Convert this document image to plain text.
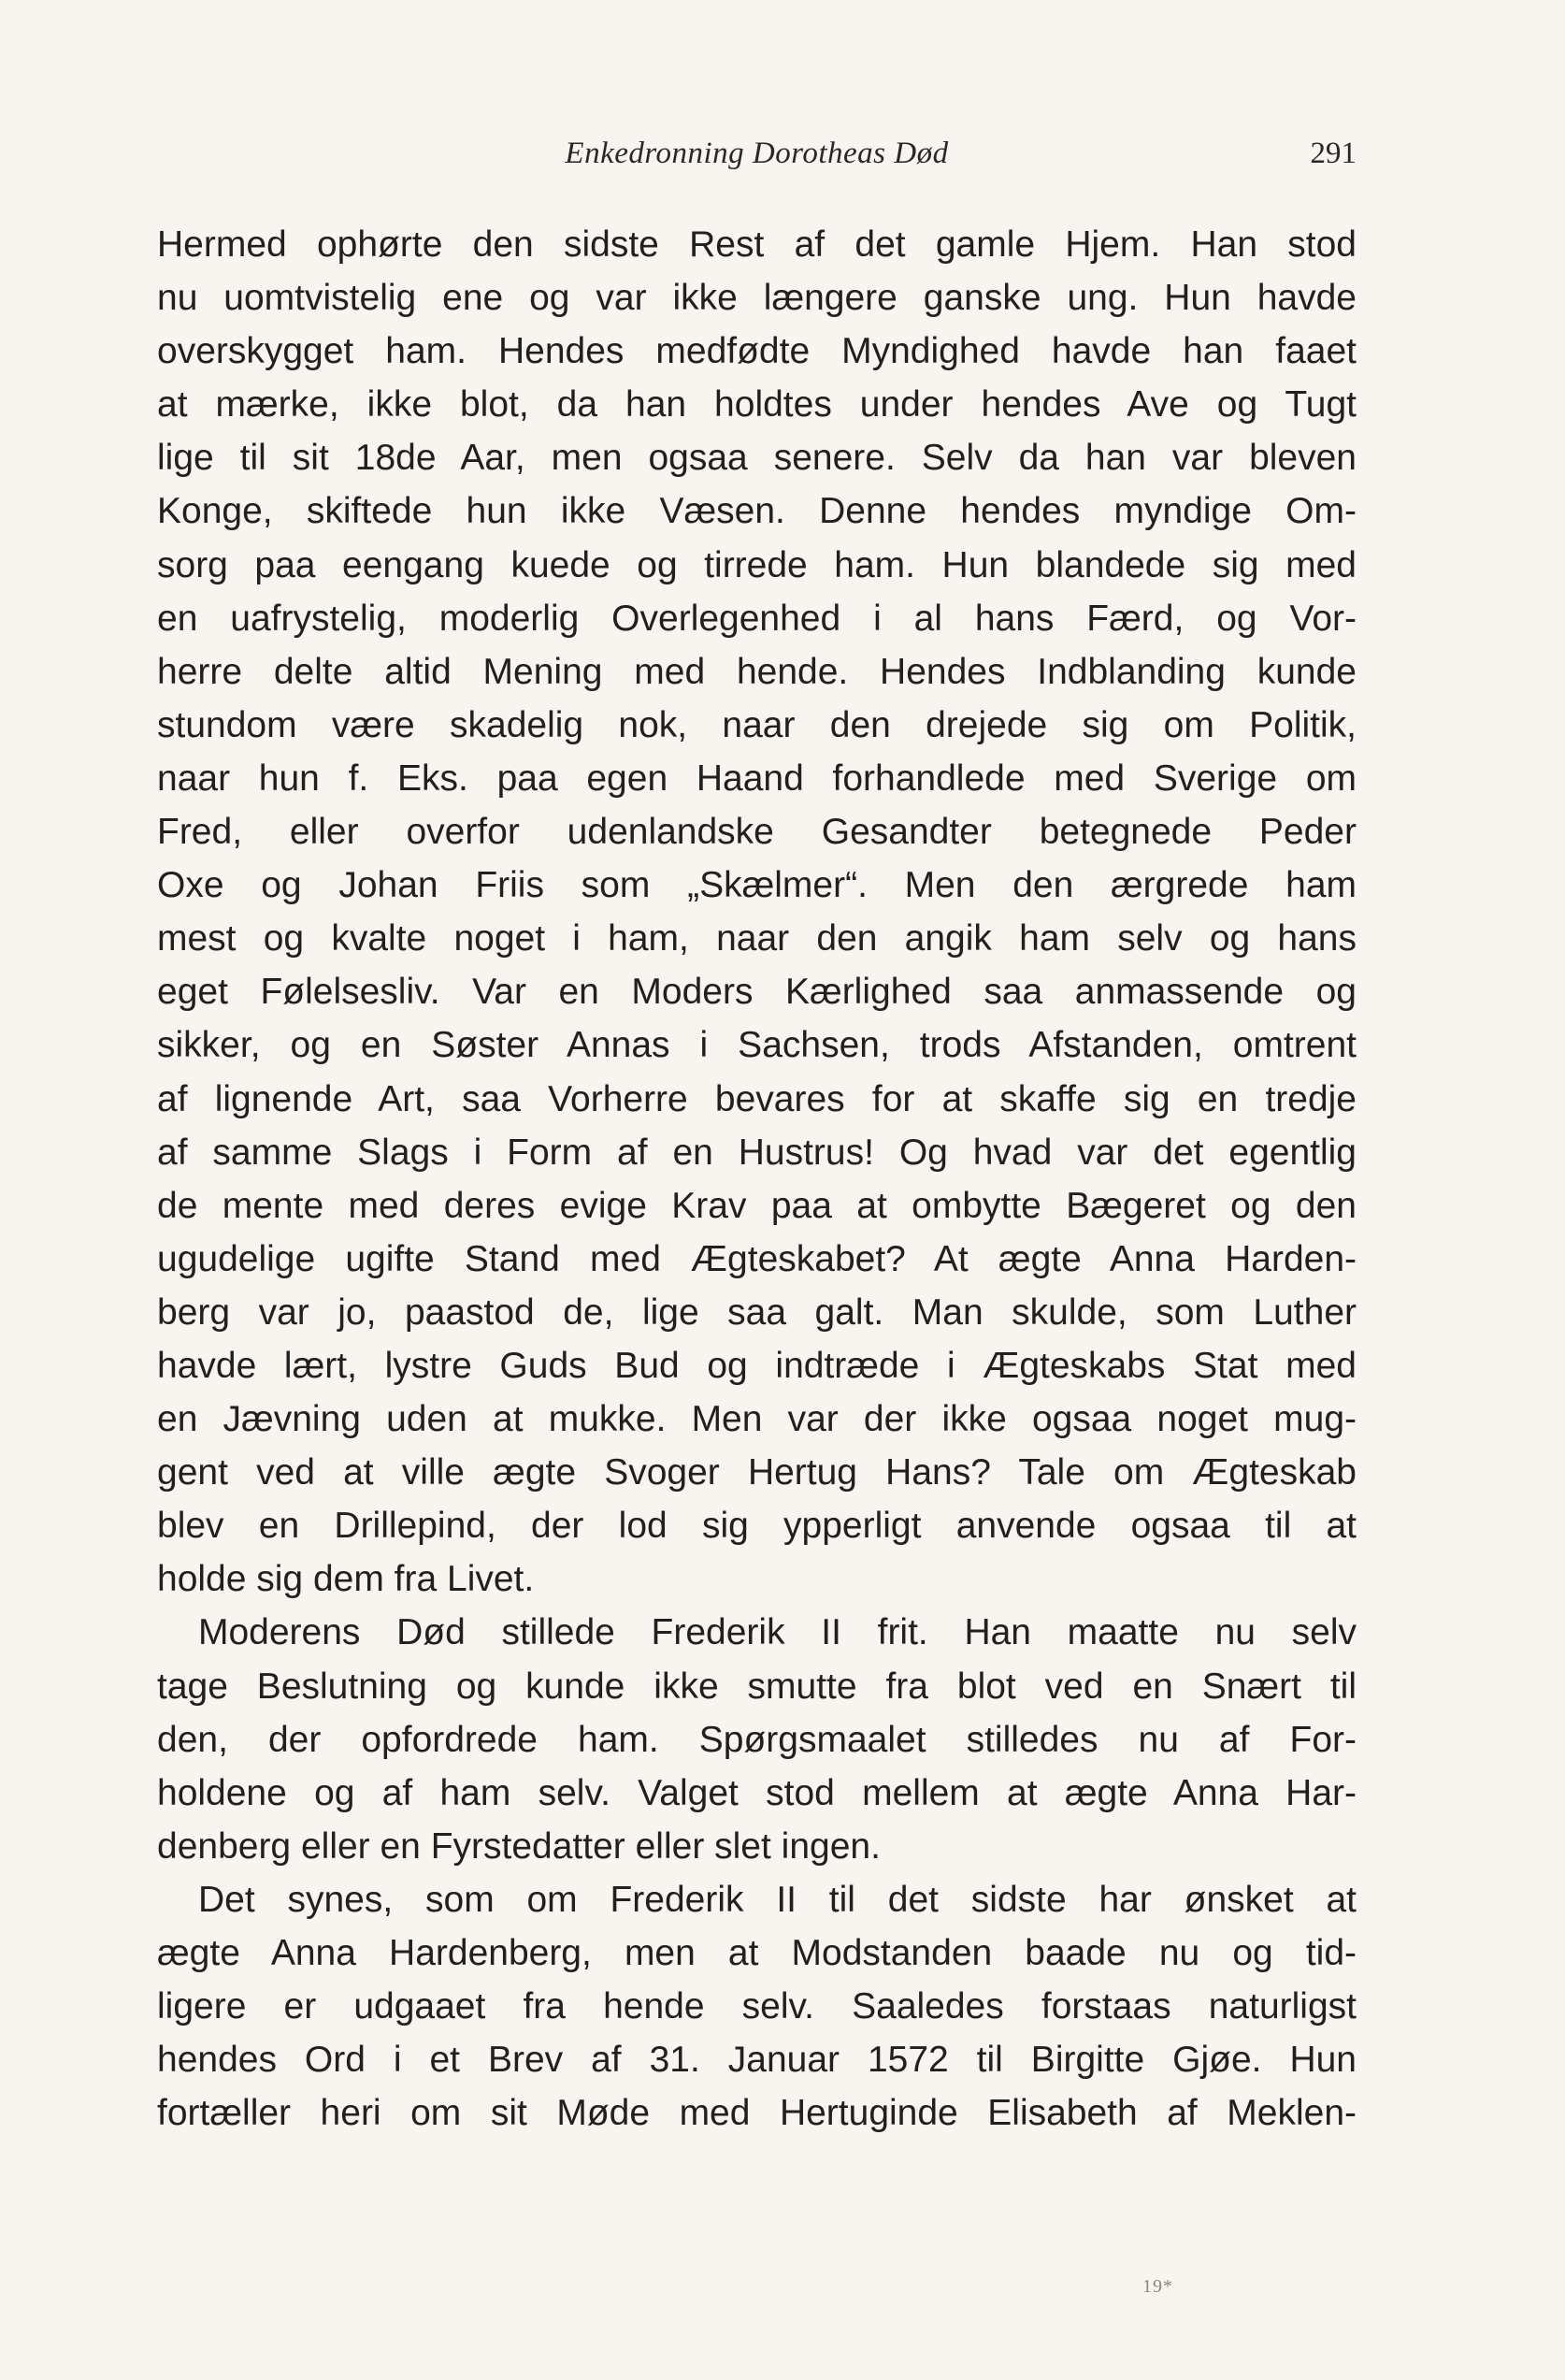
Enkedronning Dorotheas Død	291
Hermed ophørte den sidste Rest af det gamle Hjem. Han stod
nu uomtvistelig ene og var ikke længere ganske ung. Hun havde
overskygget ham. Hendes medfødte Myndighed havde han faaet
at mærke, ikke blot, da han holdtes under hendes Ave og Tugt
lige til sit 18de Aar, men ogsaa senere. Selv da han var bleven
Konge, skiftede hun ikke Væsen. Denne hendes myndige Om-
sorg paa eengang kuede og tirrede ham. Hun blandede sig med
en uafrystelig, moderlig Overlegenhed i al hans Færd, og Vor-
herre delte altid Mening med hende. Hendes Indblanding kunde
stundom være skadelig nok, naar den drejede sig om Politik,
naar hun f. Eks. paa egen Haand forhandlede med Sverige om
Fred, eller overfor udenlandske Gesandter betegnede Peder
Oxe og Johan Friis som „Skælmer“. Men den ærgrede ham
mest og kvalte noget i ham, naar den angik ham selv og hans
eget Følelsesliv. Var en Moders Kærlighed saa anmassende og
sikker, og en Søster Annas i Sachsen, trods Afstanden, omtrent
af lignende Art, saa Vorherre bevares for at skaffe sig en tredje
af samme Slags i Form af en Hustrus! Og hvad var det egentlig
de mente med deres evige Krav paa at ombytte Bægeret og den
ugudelige ugifte Stand med Ægteskabet? At ægte Anna Harden-
berg var jo, paastod de, lige saa galt. Man skulde, som Luther
havde lært, lystre Guds Bud og indtræde i Ægteskabs Stat med
en Jævning uden at mukke. Men var der ikke ogsaa noget mug-
gent ved at ville ægte Svoger Hertug Hans? Tale om Ægteskab
blev en Drillepind, der lod sig ypperligt anvende ogsaa til at
holde sig dem fra Livet.
Moderens Død stillede Frederik II frit. Han maatte nu selv
tage Beslutning og kunde ikke smutte fra blot ved en Snært til
den, der opfordrede ham. Spørgsmaalet stilledes nu af For-
holdene og af ham selv. Valget stod mellem at ægte Anna Har-
denberg eller en Fyrstedatter eller slet ingen.
Det synes, som om Frederik II til det sidste har ønsket at
ægte Anna Hardenberg, men at Modstanden baade nu og tid-
ligere er udgaaet fra hende selv. Saaledes forstaas naturligst
hendes Ord i et Brev af 31. Januar 1572 til Birgitte Gjøe. Hun
fortæller heri om sit Møde med Hertuginde Elisabeth af Meklen-
19*
